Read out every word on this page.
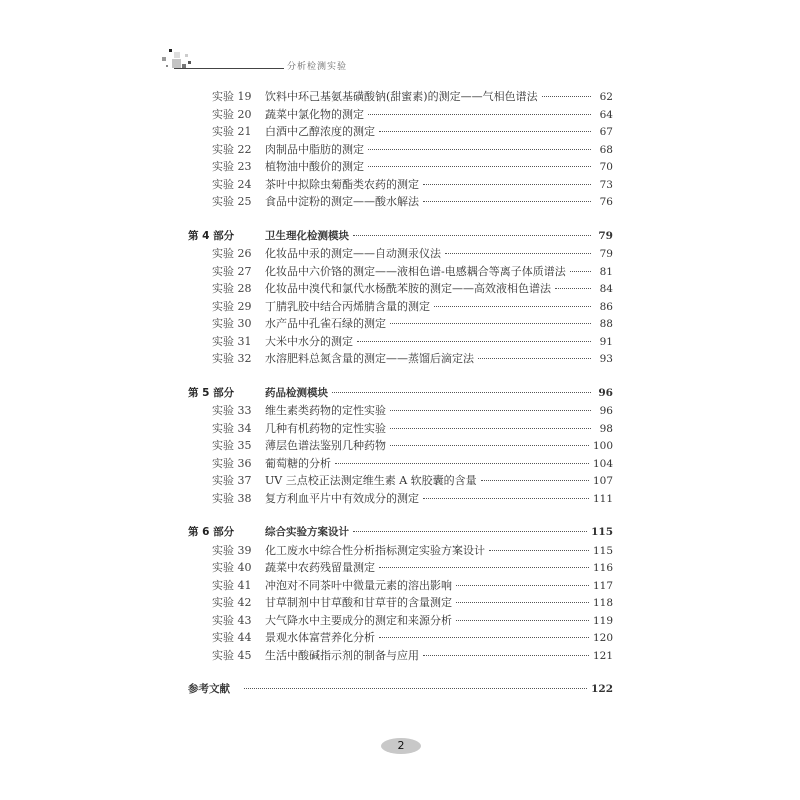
分析检测实验
实验 19	饮料中环己基氨基磺酸钠(甜蜜素)的测定——气相色谱法	62
实验 20	蔬菜中氯化物的测定	64
实验 21	白酒中乙醇浓度的测定	67
实验 22	肉制品中脂肪的测定	68
实验 23	植物油中酸价的测定	70
实验 24	茶叶中拟除虫菊酯类农药的测定	73
实验 25	食品中淀粉的测定——酸水解法	76
第 4 部分	卫生理化检测模块	79
实验 26	化妆品中汞的测定——自动测汞仪法	79
实验 27	化妆品中六价铬的测定——液相色谱-电感耦合等离子体质谱法	81
实验 28	化妆品中溴代和氯代水杨酰苯胺的测定——高效液相色谱法	84
实验 29	丁腈乳胶中结合丙烯腈含量的测定	86
实验 30	水产品中孔雀石绿的测定	88
实验 31	大米中水分的测定	91
实验 32	水溶肥料总氮含量的测定——蒸馏后滴定法	93
第 5 部分	药品检测模块	96
实验 33	维生素类药物的定性实验	96
实验 34	几种有机药物的定性实验	98
实验 35	薄层色谱法鉴别几种药物	100
实验 36	葡萄糖的分析	104
实验 37	UV 三点校正法测定维生素 A 软胶囊的含量	107
实验 38	复方利血平片中有效成分的测定	111
第 6 部分	综合实验方案设计	115
实验 39	化工废水中综合性分析指标测定实验方案设计	115
实验 40	蔬菜中农药残留量测定	116
实验 41	冲泡对不同茶叶中微量元素的溶出影响	117
实验 42	甘草制剂中甘草酸和甘草苷的含量测定	118
实验 43	大气降水中主要成分的测定和来源分析	119
实验 44	景观水体富营养化分析	120
实验 45	生活中酸碱指示剂的制备与应用	121
参考文献	122
2
